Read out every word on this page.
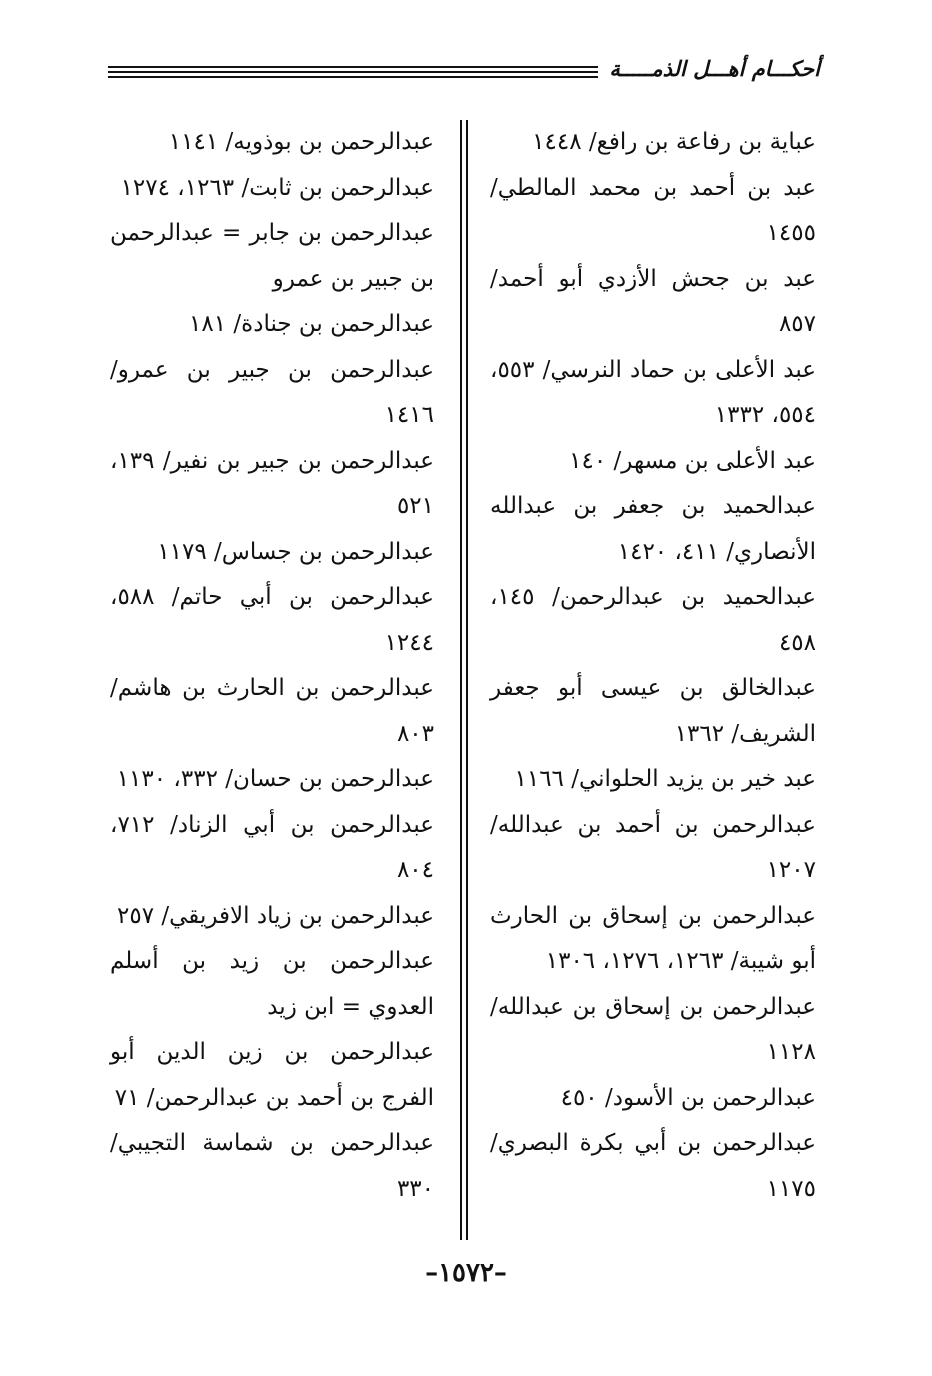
أحكـــام أهـــل الذمـــــة
عباية بن رفاعة بن رافع/ ١٤٤٨
عبد بن أحمد بن محمد المالطي/ ١٤٥٥
عبد بن جحش الأزدي أبو أحمد/ ٨٥٧
عبد الأعلى بن حماد النرسي/ ٥٥٣، ٥٥٤، ١٣٣٢
عبد الأعلى بن مسهر/ ١٤٠
عبدالحميد بن جعفر بن عبدالله الأنصاري/ ٤١١، ١٤٢٠
عبدالحميد بن عبدالرحمن/ ١٤٥، ٤٥٨
عبدالخالق بن عيسى أبو جعفر الشريف/ ١٣٦٢
عبد خير بن يزيد الحلواني/ ١١٦٦
عبدالرحمن بن أحمد بن عبدالله/ ١٢٠٧
عبدالرحمن بن إسحاق بن الحارث أبو شيبة/ ١٢٦٣، ١٢٧٦، ١٣٠٦
عبدالرحمن بن إسحاق بن عبدالله/ ١١٢٨
عبدالرحمن بن الأسود/ ٤٥٠
عبدالرحمن بن أبي بكرة البصري/ ١١٧٥
عبدالرحمن بن بوذويه/ ١١٤١
عبدالرحمن بن ثابت/ ١٢٦٣، ١٢٧٤
عبدالرحمن بن جابر = عبدالرحمن بن جبير بن عمرو
عبدالرحمن بن جنادة/ ١٨١
عبدالرحمن بن جبير بن عمرو/ ١٤١٦
عبدالرحمن بن جبير بن نفير/ ١٣٩، ٥٢١
عبدالرحمن بن جساس/ ١١٧٩
عبدالرحمن بن أبي حاتم/ ٥٨٨، ١٢٤٤
عبدالرحمن بن الحارث بن هاشم/ ٨٠٣
عبدالرحمن بن حسان/ ٣٣٢، ١١٣٠
عبدالرحمن بن أبي الزناد/ ٧١٢، ٨٠٤
عبدالرحمن بن زياد الافريقي/ ٢٥٧
عبدالرحمن بن زيد بن أسلم العدوي = ابن زيد
عبدالرحمن بن زين الدين أبو الفرج بن أحمد بن عبدالرحمن/ ٧١
عبدالرحمن بن شماسة التجيبي/ ٣٣٠
–١٥٧٢–
